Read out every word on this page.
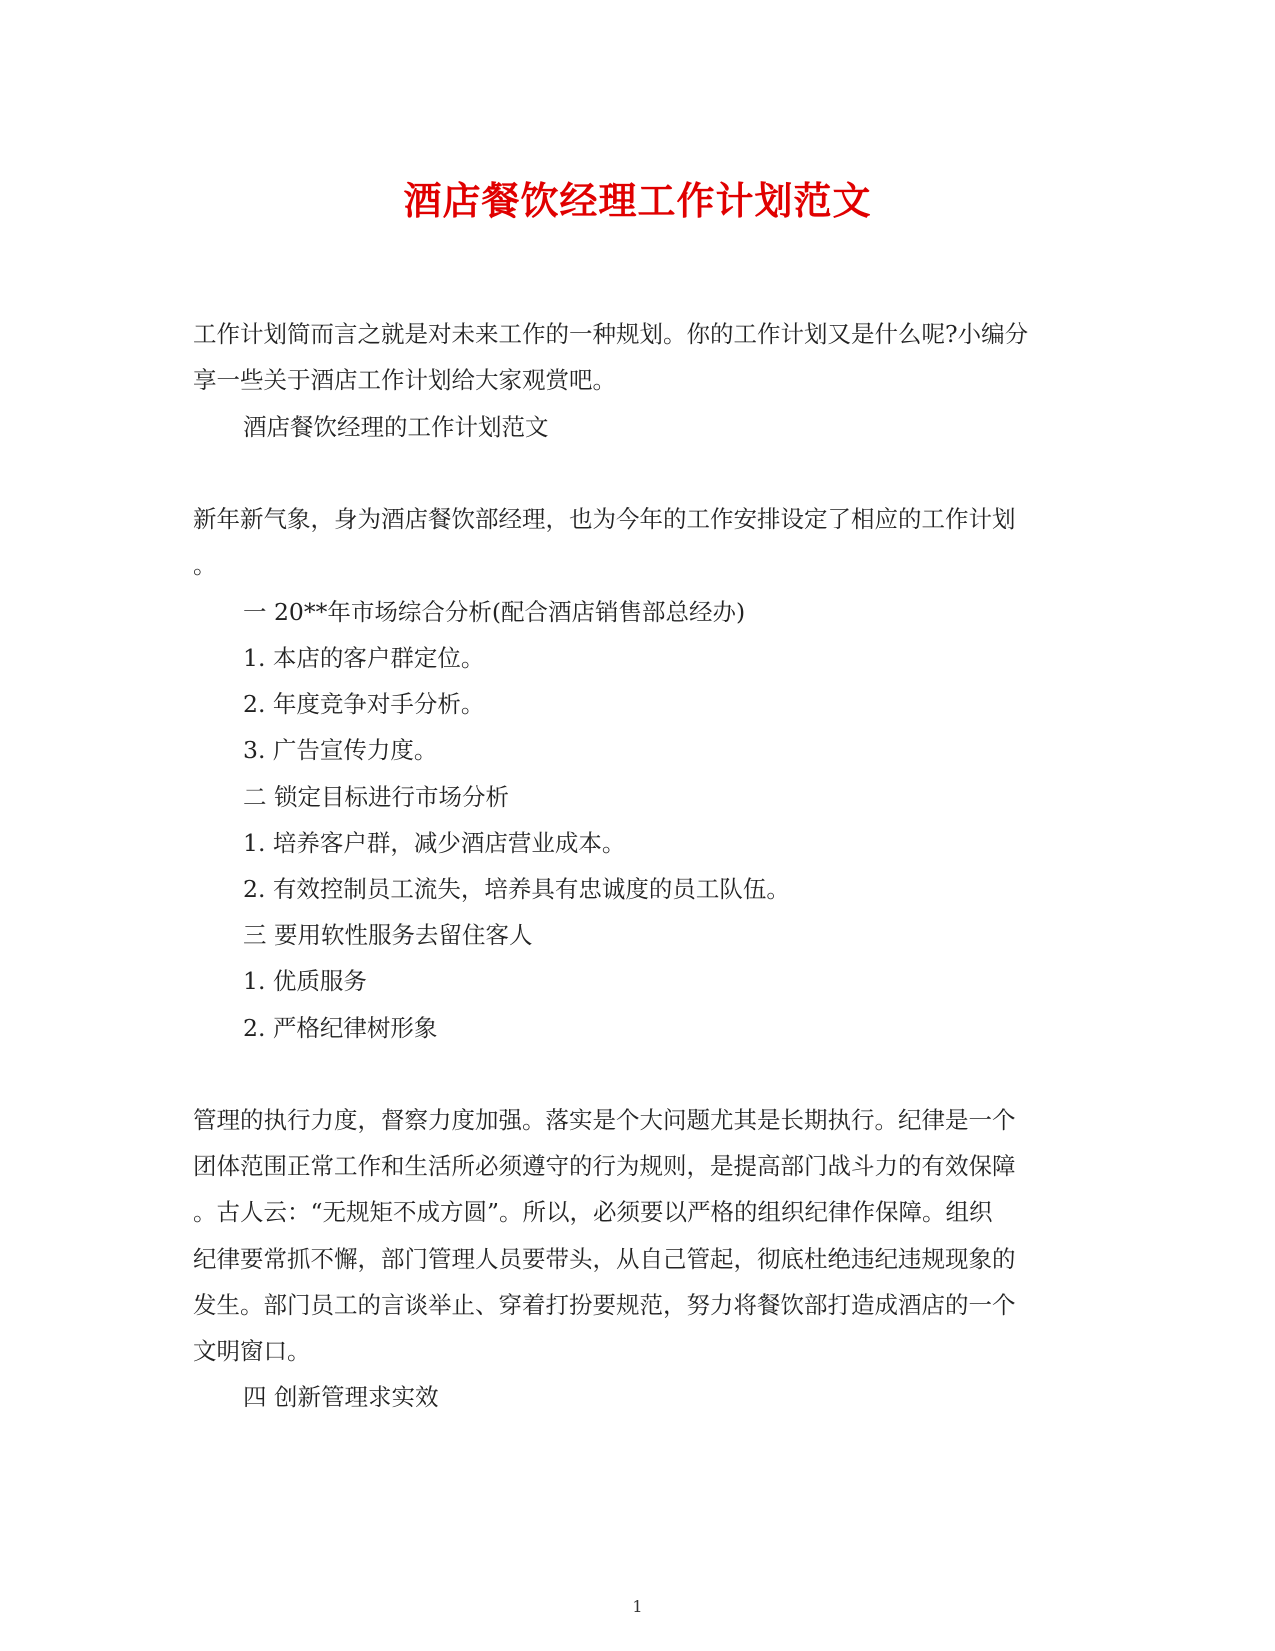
酒店餐饮经理工作计划范文
工作计划简而言之就是对未来工作的一种规划。你的工作计划又是什么呢?小编分
享一些关于酒店工作计划给大家观赏吧。
酒店餐饮经理的工作计划范文
新年新气象，身为酒店餐饮部经理，也为今年的工作安排设定了相应的工作计划
。
一 20**年市场综合分析(配合酒店销售部总经办)
1. 本店的客户群定位。
2. 年度竞争对手分析。
3. 广告宣传力度。
二 锁定目标进行市场分析
1. 培养客户群，减少酒店营业成本。
2. 有效控制员工流失，培养具有忠诚度的员工队伍。
三 要用软性服务去留住客人
1. 优质服务
2. 严格纪律树形象
管理的执行力度，督察力度加强。落实是个大问题尤其是长期执行。纪律是一个
团体范围正常工作和生活所必须遵守的行为规则，是提高部门战斗力的有效保障
。古人云：“无规矩不成方圆”。所以，必须要以严格的组织纪律作保障。组织
纪律要常抓不懈，部门管理人员要带头，从自己管起，彻底杜绝违纪违规现象的
发生。部门员工的言谈举止、穿着打扮要规范，努力将餐饮部打造成酒店的一个
文明窗口。
四 创新管理求实效
1
